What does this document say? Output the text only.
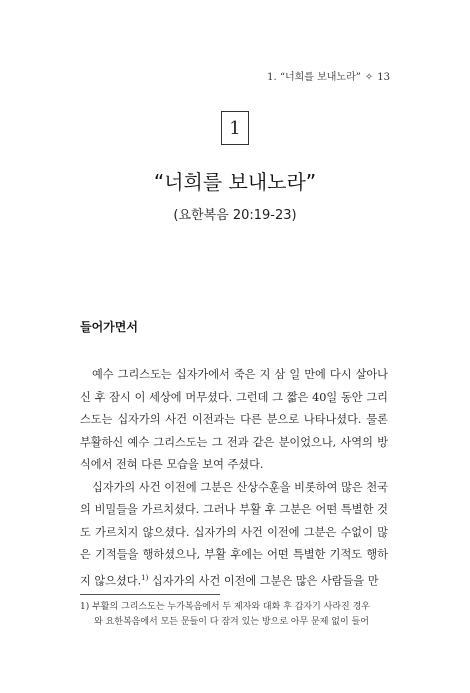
1. “너희를 보내노라” ✧ 13
1
“너희를 보내노라”
(요한복음 20:19-23)
들어가면서
예수 그리스도는 십자가에서 죽은 지 삼 일 만에 다시 살아나
신 후 잠시 이 세상에 머무셨다. 그런데 그 짧은 40일 동안 그리
스도는 십자가의 사건 이전과는 다른 분으로 나타나셨다. 물론
부활하신 예수 그리스도는 그 전과 같은 분이었으나, 사역의 방
식에서 전혀 다른 모습을 보여 주셨다.
십자가의 사건 이전에 그분은 산상수훈을 비롯하여 많은 천국
의 비밀들을 가르치셨다. 그러나 부활 후 그분은 어떤 특별한 것
도 가르치지 않으셨다. 십자가의 사건 이전에 그분은 수없이 많
은 기적들을 행하셨으나, 부활 후에는 어떤 특별한 기적도 행하
지 않으셨다.$^{1)}$ 십자가의 사건 이전에 그분은 많은 사람들을 만
1) 부활의 그리스도는 누가복음에서 두 제자와 대화 후 갑자기 사라진 경우
와 요한복음에서 모든 문들이 다 잠겨 있는 방으로 아무 문제 없이 들어
